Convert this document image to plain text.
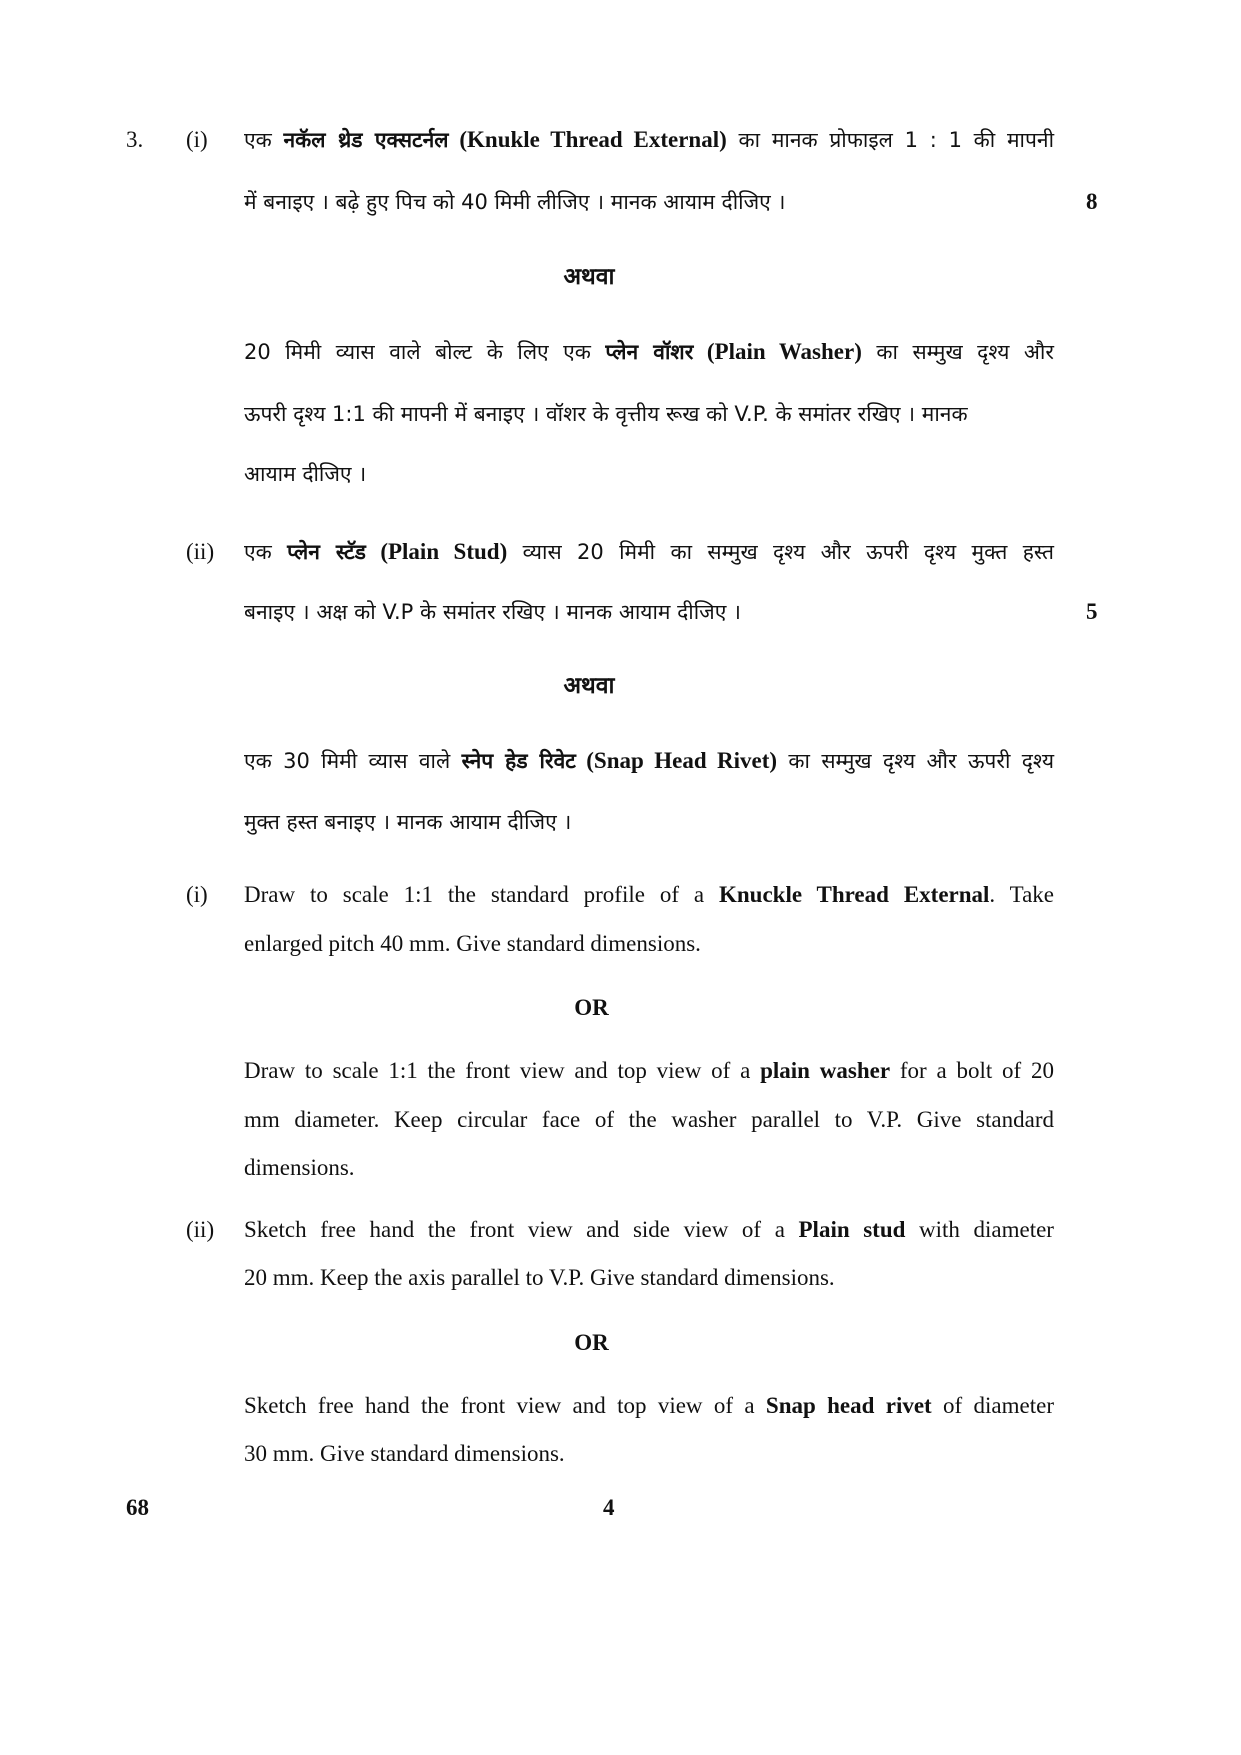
3. (i) एक नकॅल थ्रेड एक्सटर्नल (Knukle Thread External) का मानक प्रोफाइल 1 : 1 की मापनी
में बनाइए । बढ़े हुए पिच को 40 मिमी लीजिए । मानक आयाम दीजिए ।	8
अथवा
20 मिमी व्यास वाले बोल्ट के लिए एक प्लेन वॉशर (Plain Washer) का सम्मुख दृश्य और
ऊपरी दृश्य 1:1 की मापनी में बनाइए । वॉशर के वृत्तीय रूख को V.P. के समांतर रखिए । मानक
आयाम दीजिए ।
(ii) एक प्लेन स्टॅड (Plain Stud) व्यास 20 मिमी का सम्मुख दृश्य और ऊपरी दृश्य मुक्त हस्त
बनाइए । अक्ष को V.P के समांतर रखिए । मानक आयाम दीजिए ।	5
अथवा
एक 30 मिमी व्यास वाले स्नेप हेड रिवेट (Snap Head Rivet) का सम्मुख दृश्य और ऊपरी दृश्य
मुक्त हस्त बनाइए । मानक आयाम दीजिए ।
(i) Draw to scale 1:1 the standard profile of a Knuckle Thread External. Take
enlarged pitch 40 mm. Give standard dimensions.
OR
Draw to scale 1:1 the front view and top view of a plain washer for a bolt of 20
mm diameter. Keep circular face of the washer parallel to V.P. Give standard
dimensions.
(ii) Sketch free hand the front view and side view of a Plain stud with diameter
20 mm. Keep the axis parallel to V.P. Give standard dimensions.
OR
Sketch free hand the front view and top view of a Snap head rivet of diameter
30 mm. Give standard dimensions.
68	4
